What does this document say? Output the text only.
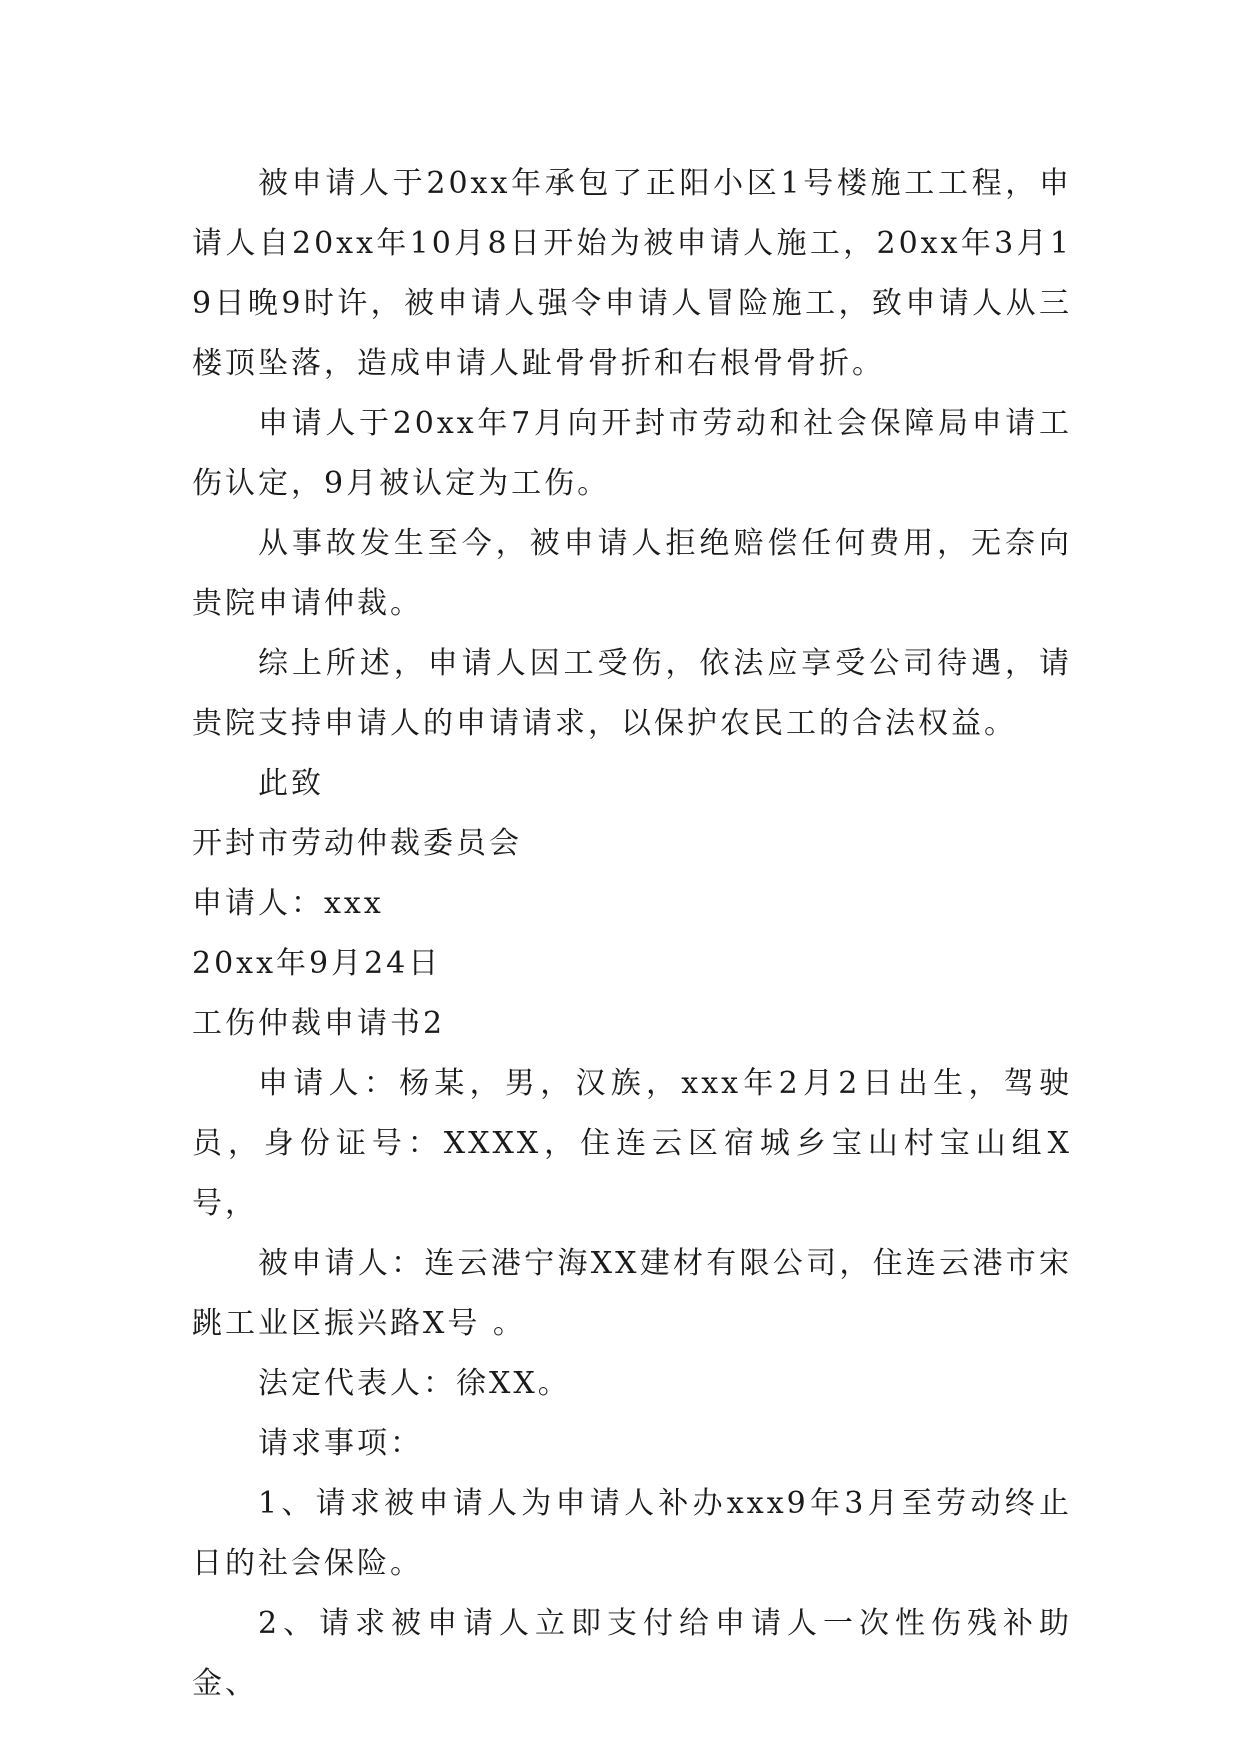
被申请人于20xx年承包了正阳小区1号楼施工工程，申请人自20xx年10月8日开始为被申请人施工，20xx年3月19日晚9时许，被申请人强令申请人冒险施工，致申请人从三楼顶坠落，造成申请人趾骨骨折和右根骨骨折。

申请人于20xx年7月向开封市劳动和社会保障局申请工伤认定，9月被认定为工伤。

从事故发生至今，被申请人拒绝赔偿任何费用，无奈向贵院申请仲裁。

综上所述，申请人因工受伤，依法应享受公司待遇，请贵院支持申请人的申请请求，以保护农民工的合法权益。

此致

开封市劳动仲裁委员会

申请人：xxx

20xx年9月24日

工伤仲裁申请书2

申请人：杨某，男，汉族，xxx年2月2日出生，驾驶员，身份证号：XXXX，住连云区宿城乡宝山村宝山组X号，

被申请人：连云港宁海XX建材有限公司，住连云港市宋跳工业区振兴路X号 。

法定代表人：徐XX。

请求事项：

1、请求被申请人为申请人补办xxx9年3月至劳动终止日的社会保险。

2、请求被申请人立即支付给申请人一次性伤残补助金、
